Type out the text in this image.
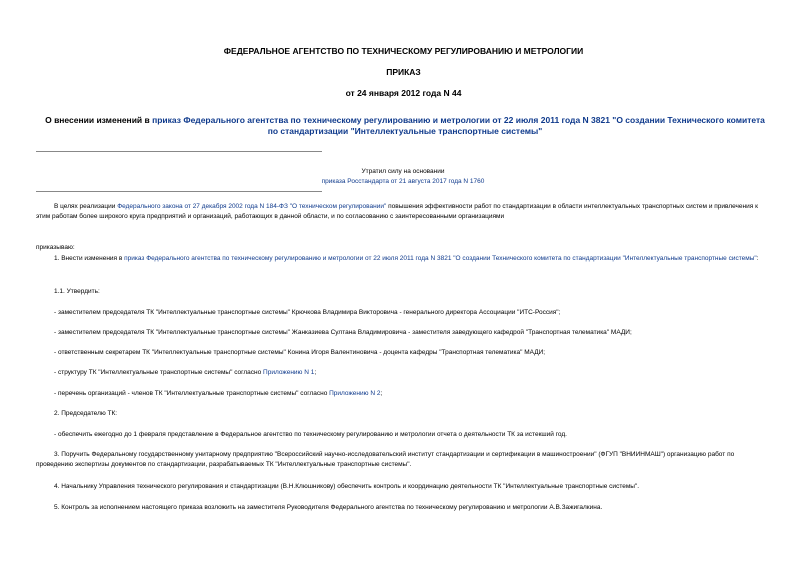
ФЕДЕРАЛЬНОЕ АГЕНТСТВО ПО ТЕХНИЧЕСКОМУ РЕГУЛИРОВАНИЮ И МЕТРОЛОГИИ
ПРИКАЗ
от 24 января 2012 года N 44
О внесении изменений в приказ Федерального агентства по техническому регулированию и метрологии от 22 июля 2011 года N 3821 "О создании Технического комитета по стандартизации "Интеллектуальные транспортные системы"
Утратил силу на основании
приказа Росстандарта от 21 августа 2017 года N 1760
В целях реализации Федерального закона от 27 декабря 2002 года N 184-ФЗ "О техническом регулировании" повышения эффективности работ по стандартизации в области интеллектуальных транспортных систем и привлечения к этим работам более широкого круга предприятий и организаций, работающих в данной области, и по согласованию с заинтересованными организациями
приказываю:
1. Внести изменения в приказ Федерального агентства по техническому регулированию и метрологии от 22 июля 2011 года N 3821 "О создании Технического комитета по стандартизации "Интеллектуальные транспортные системы":
1.1. Утвердить:
- заместителем председателя ТК "Интеллектуальные транспортные системы" Крючкова Владимира Викторовича - генерального директора Ассоциации "ИТС-Россия";
- заместителем председателя ТК "Интеллектуальные транспортные системы" Жанказиева Султана Владимировича - заместителя заведующего кафедрой "Транспортная телематика" МАДИ;
- ответственным секретарем ТК "Интеллектуальные транспортные системы" Конина Игоря Валентиновича - доцента кафедры "Транспортная телематика" МАДИ;
- структуру ТК "Интеллектуальные транспортные системы" согласно Приложению N 1;
- перечень организаций - членов ТК "Интеллектуальные транспортные системы" согласно Приложению N 2;
2. Председателю ТК:
- обеспечить ежегодно до 1 февраля представление в Федеральное агентство по техническому регулированию и метрологии отчета о деятельности ТК за истекший год.
3. Поручить Федеральному государственному унитарному предприятию "Всероссийский научно-исследовательский институт стандартизации и сертификации в машиностроении" (ФГУП "ВНИИНМАШ") организацию работ по проведению экспертизы документов по стандартизации, разрабатываемых ТК "Интеллектуальные транспортные системы".
4. Начальнику Управления технического регулирования и стандартизации (В.Н.Клюшникову) обеспечить контроль и координацию деятельности ТК "Интеллектуальные транспортные системы".
5. Контроль за исполнением настоящего приказа возложить на заместителя Руководителя Федерального агентства по техническому регулированию и метрологии А.В.Зажигалкина.
